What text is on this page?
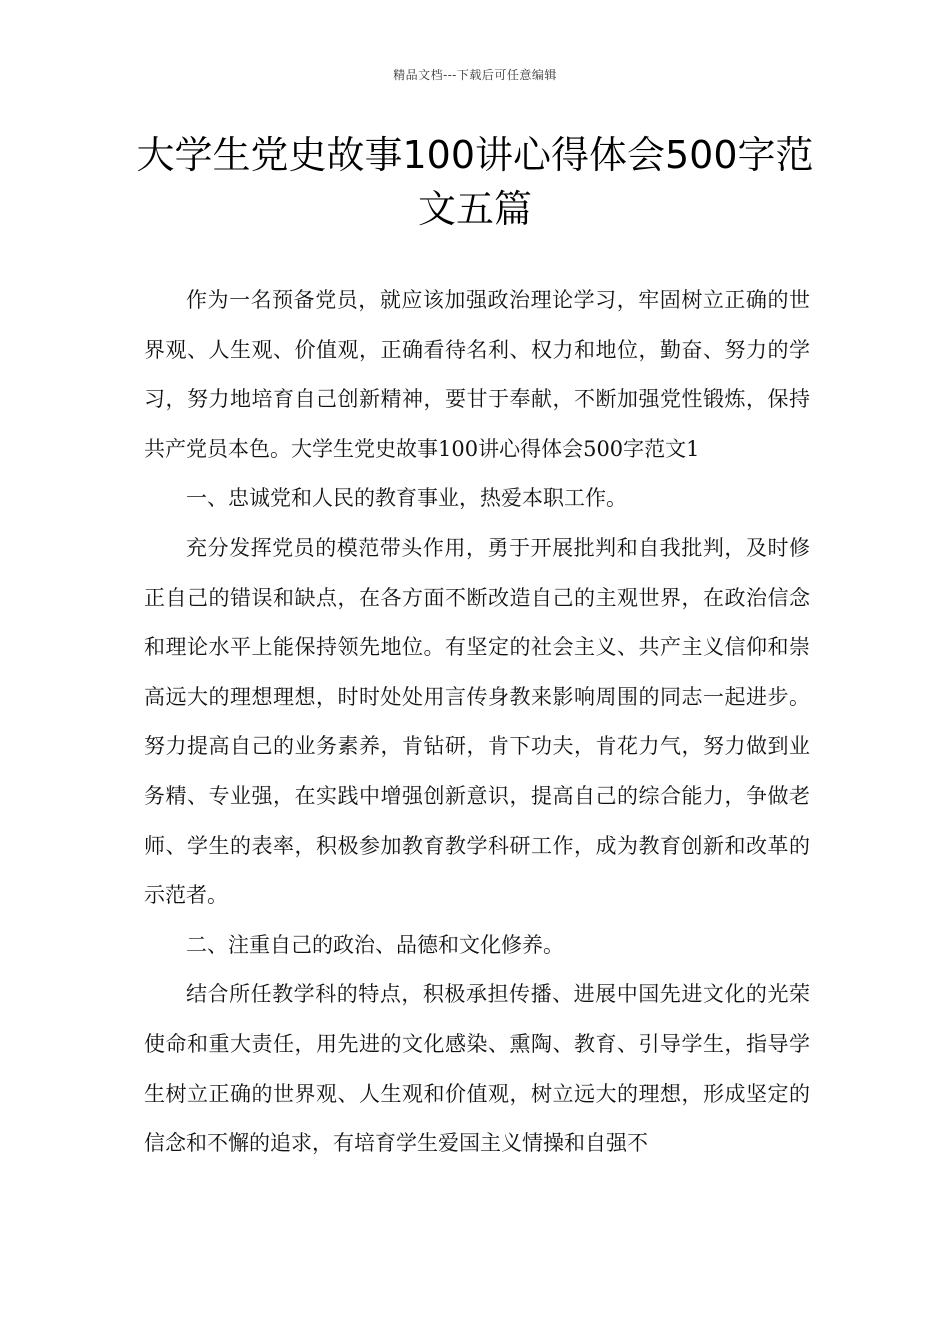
精品文档---下载后可任意编辑
大学生党史故事100讲心得体会500字范文五篇

作为一名预备党员，就应该加强政治理论学习，牢固树立正确的世界观、人生观、价值观，正确看待名利、权力和地位，勤奋、努力的学习，努力地培育自己创新精神，要甘于奉献，不断加强党性锻炼，保持共产党员本色。大学生党史故事100讲心得体会500字范文1

一、忠诚党和人民的教育事业，热爱本职工作。

充分发挥党员的模范带头作用，勇于开展批判和自我批判，及时修正自己的错误和缺点，在各方面不断改造自己的主观世界，在政治信念和理论水平上能保持领先地位。有坚定的社会主义、共产主义信仰和崇高远大的理想理想，时时处处用言传身教来影响周围的同志一起进步。努力提高自己的业务素养，肯钻研，肯下功夫，肯花力气，努力做到业务精、专业强，在实践中增强创新意识，提高自己的综合能力，争做老师、学生的表率，积极参加教育教学科研工作，成为教育创新和改革的示范者。

二、注重自己的政治、品德和文化修养。

结合所任教学科的特点，积极承担传播、进展中国先进文化的光荣使命和重大责任，用先进的文化感染、熏陶、教育、引导学生，指导学生树立正确的世界观、人生观和价值观，树立远大的理想，形成坚定的信念和不懈的追求，有培育学生爱国主义情操和自强不
